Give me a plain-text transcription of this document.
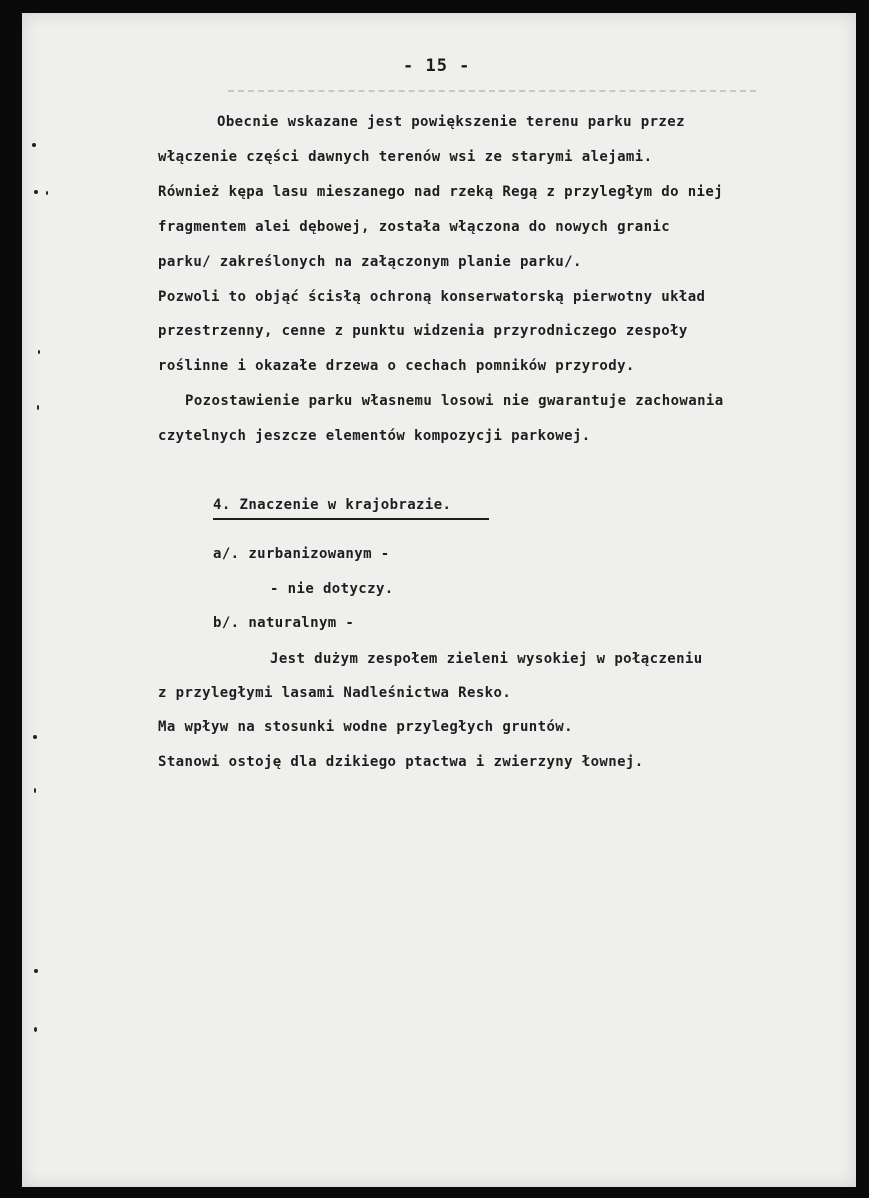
- 15 -
Obecnie wskazane jest powiększenie terenu parku przez
włączenie części dawnych terenów wsi ze starymi alejami.
Również kępa lasu mieszanego nad rzeką Regą z przyległym do niej
fragmentem alei dębowej, została włączona do nowych granic
parku/ zakreślonych na załączonym planie parku/.
Pozwoli to objąć ścisłą ochroną konserwatorską pierwotny układ
przestrzenny, cenne z punktu widzenia przyrodniczego zespoły
roślinne i okazałe drzewa o cechach pomników przyrody.
Pozostawienie parku własnemu losowi nie gwarantuje zachowania
czytelnych jeszcze elementów kompozycji parkowej.
4. Znaczenie w krajobrazie.
a/. zurbanizowanym -
- nie dotyczy.
b/. naturalnym -
Jest dużym zespołem zieleni wysokiej w połączeniu
z przyległymi lasami Nadleśnictwa Resko.
Ma wpływ na stosunki wodne przyległych gruntów.
Stanowi ostoję dla dzikiego ptactwa i zwierzyny łownej.
